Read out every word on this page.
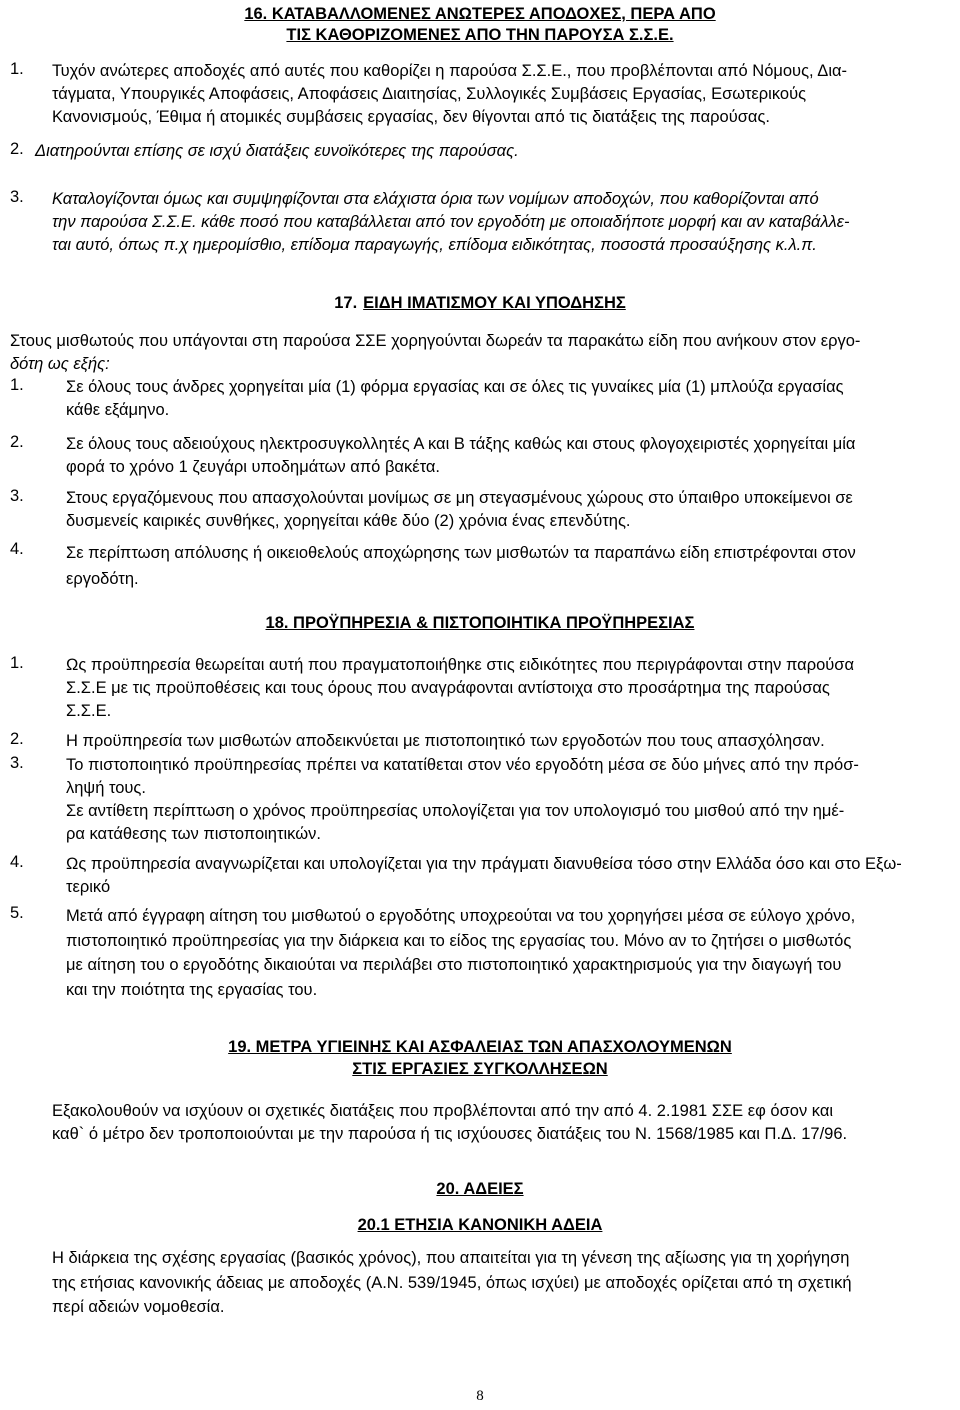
16. ΚΑΤΑΒΑΛΛΟΜΕΝΕΣ ΑΝΩΤΕΡΕΣ ΑΠΟΔΟΧΕΣ, ΠΕΡΑ ΑΠΟ
ΤΙΣ ΚΑΘΟΡΙΖΟΜΕΝΕΣ ΑΠΟ ΤΗΝ ΠΑΡΟΥΣΑ Σ.Σ.Ε.
1.	Τυχόν ανώτερες αποδοχές από αυτές που καθορίζει η παρούσα Σ.Σ.Ε., που προβλέπονται από Νόμους, Δια-
τάγματα, Υπουργικές Αποφάσεις, Αποφάσεις Διαιτησίας, Συλλογικές Συμβάσεις Εργασίας, Εσωτερικούς
Κανονισμούς, Έθιμα ή ατομικές συμβάσεις εργασίας, δεν θίγονται από τις διατάξεις της παρούσας.
2. Διατηρούνται επίσης σε ισχύ διατάξεις ευνοϊκότερες της παρούσας.
3.	Καταλογίζονται όμως και συμψηφίζονται στα ελάχιστα όρια των νομίμων αποδοχών, που καθορίζονται από
την παρούσα Σ.Σ.Ε. κάθε ποσό που καταβάλλεται από τον εργοδότη με οποιαδήποτε μορφή και αν καταβάλλε-
ται αυτό, όπως π.χ ημερομίσθιο, επίδομα παραγωγής, επίδομα ειδικότητας, ποσοστά προσαύξησης κ.λ.π.
17. ΕΙΔΗ ΙΜΑΤΙΣΜΟΥ ΚΑΙ ΥΠΟΔΗΣΗΣ
Στους μισθωτούς που υπάγονται στη παρούσα ΣΣΕ χορηγούνται δωρεάν τα παρακάτω είδη που ανήκουν στον εργο-
δότη ως εξής:
1.	Σε όλους τους άνδρες χορηγείται μία (1) φόρμα εργασίας και σε όλες τις γυναίκες μία (1) μπλούζα εργασίας
κάθε εξάμηνο.
2.	Σε όλους τους αδειούχους ηλεκτροσυγκολλητές Α και Β τάξης καθώς και στους φλογοχειριστές χορηγείται μία
φορά το χρόνο 1 ζευγάρι υποδημάτων από βακέτα.
3.	Στους εργαζόμενους που απασχολούνται μονίμως σε μη στεγασμένους χώρους στο ύπαιθρο υποκείμενοι σε
δυσμενείς καιρικές συνθήκες, χορηγείται κάθε δύο (2) χρόνια ένας επενδύτης.
4.	Σε περίπτωση απόλυσης ή οικειοθελούς αποχώρησης των μισθωτών τα παραπάνω είδη επιστρέφονται στον
εργοδότη.
18. ΠΡΟΫΠΗΡΕΣΙΑ & ΠΙΣΤΟΠΟΙΗΤΙΚΑ ΠΡΟΫΠΗΡΕΣΙΑΣ
1.	Ως προϋπηρεσία θεωρείται αυτή που πραγματοποιήθηκε στις ειδικότητες που περιγράφονται στην παρούσα
Σ.Σ.Ε με τις προϋποθέσεις και τους όρους που αναγράφονται αντίστοιχα στο προσάρτημα της παρούσας
Σ.Σ.Ε.
2.	Η προϋπηρεσία των μισθωτών αποδεικνύεται με πιστοποιητικό των εργοδοτών που τους απασχόλησαν.
3.	Το πιστοποιητικό προϋπηρεσίας πρέπει να κατατίθεται στον νέο εργοδότη μέσα σε δύο μήνες από την πρόσ-
ληψή τους.
Σε αντίθετη περίπτωση ο χρόνος προϋπηρεσίας υπολογίζεται για τον υπολογισμό του μισθού από την ημέ-
ρα κατάθεσης των πιστοποιητικών.
4.	Ως προϋπηρεσία αναγνωρίζεται και υπολογίζεται για την πράγματι διανυθείσα τόσο στην Ελλάδα όσο και στο Εξω-
τερικό
5.	Μετά από έγγραφη αίτηση του μισθωτού ο εργοδότης υποχρεούται να του χορηγήσει μέσα σε εύλογο χρόνο,
πιστοποιητικό προϋπηρεσίας για την διάρκεια και το είδος της εργασίας του. Μόνο αν το ζητήσει ο μισθωτός
με αίτηση του ο εργοδότης δικαιούται να περιλάβει στο πιστοποιητικό χαρακτηρισμούς για την διαγωγή του
και την ποιότητα της εργασίας του.
19. ΜΕΤΡΑ ΥΓΙΕΙΝΗΣ ΚΑΙ ΑΣΦΑΛΕΙΑΣ ΤΩΝ ΑΠΑΣΧΟΛΟΥΜΕΝΩΝ
ΣΤΙΣ ΕΡΓΑΣΙΕΣ ΣΥΓΚΟΛΛΗΣΕΩΝ
Εξακολουθούν να ισχύουν οι σχετικές διατάξεις που προβλέπονται από την από 4. 2.1981 ΣΣΕ εφ όσον και
καθ` ό μέτρο δεν τροποποιούνται με την παρούσα ή τις ισχύουσες διατάξεις του Ν. 1568/1985 και Π.Δ. 17/96.
20. ΑΔΕΙΕΣ
20.1 ΕΤΗΣΙΑ ΚΑΝΟΝΙΚΗ ΑΔΕΙΑ
Η διάρκεια της σχέσης εργασίας (βασικός χρόνος), που απαιτείται για τη γένεση της αξίωσης για τη χορήγηση
της ετήσιας κανονικής άδειας με αποδοχές (Α.Ν. 539/1945, όπως ισχύει) με αποδοχές ορίζεται από τη σχετική
περί αδειών νομοθεσία.
8
